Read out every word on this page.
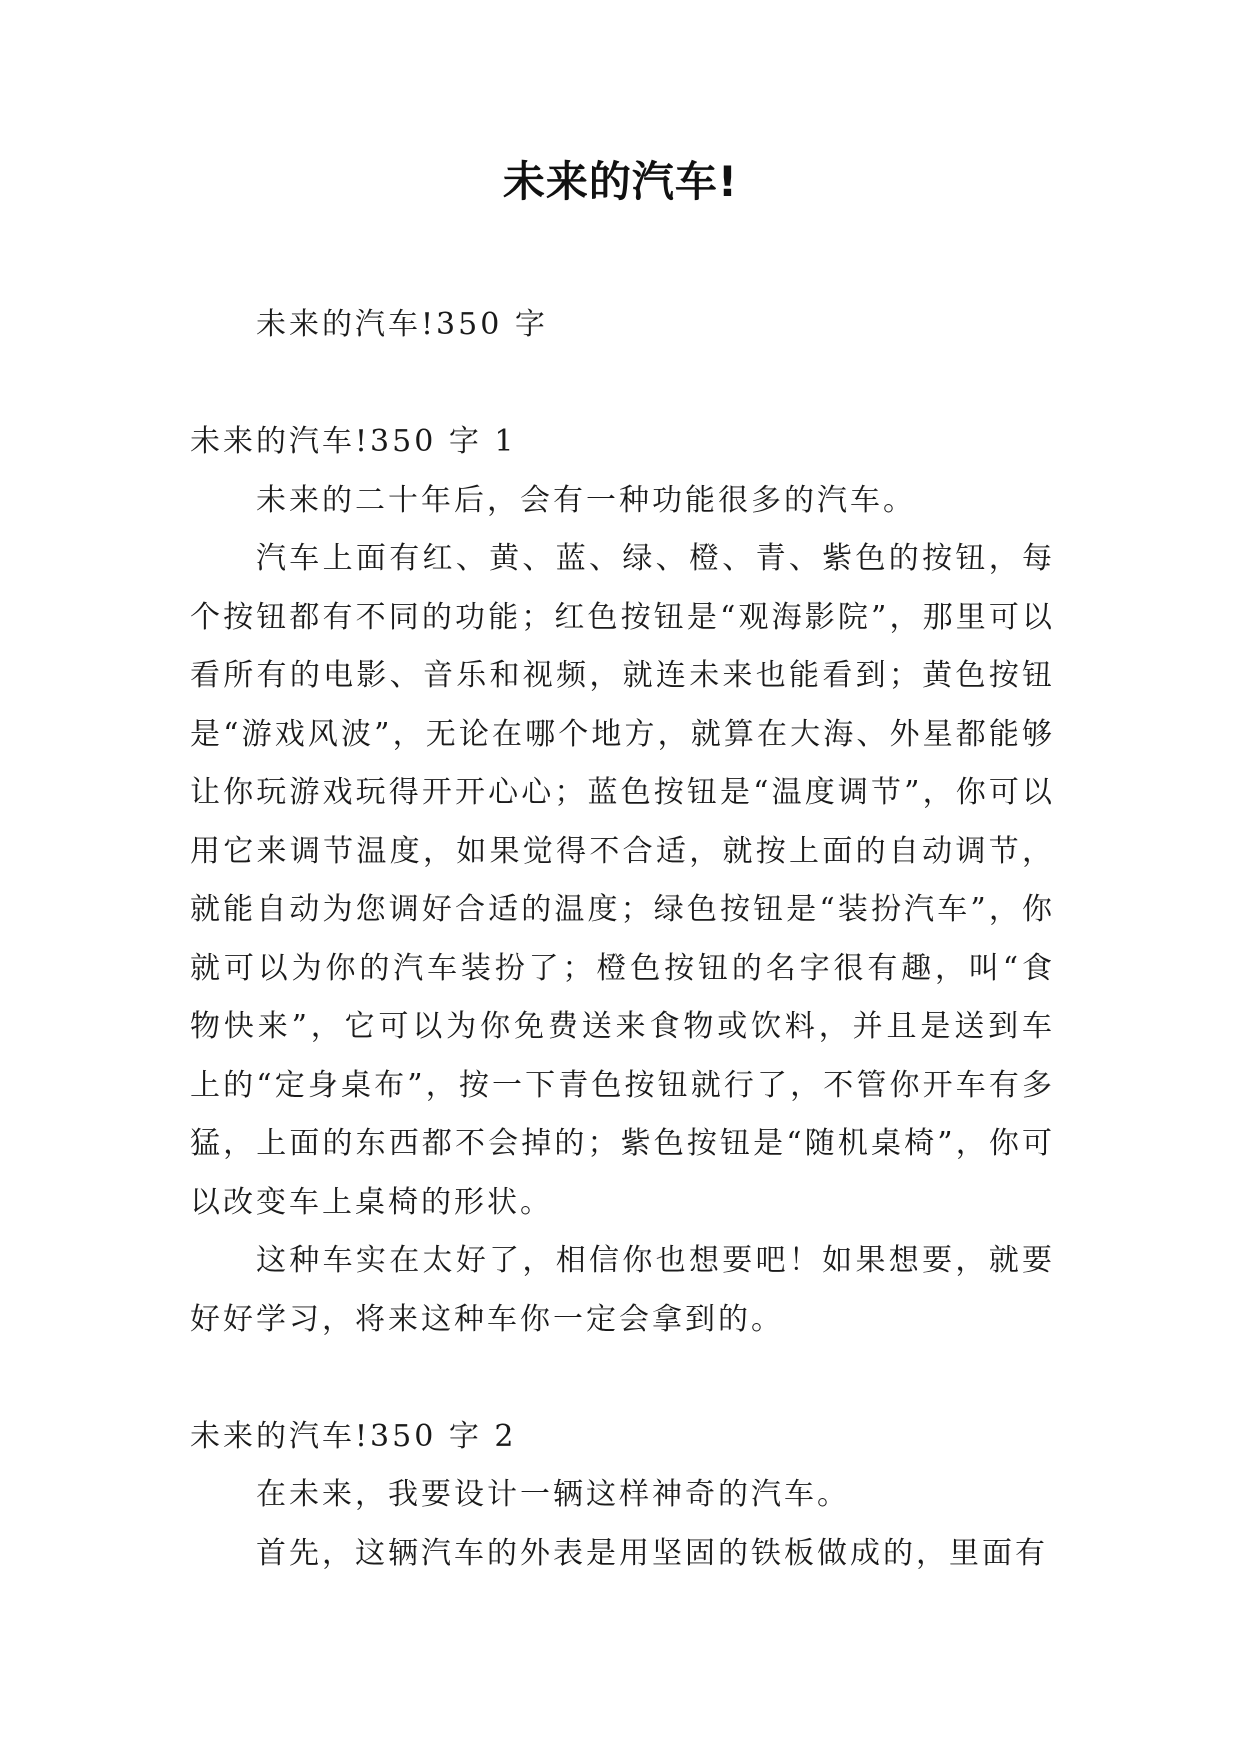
未来的汽车!

未来的汽车!350 字

未来的汽车!350 字 1

未来的二十年后，会有一种功能很多的汽车。

汽车上面有红、黄、蓝、绿、橙、青、紫色的按钮，每个按钮都有不同的功能；红色按钮是“观海影院”，那里可以看所有的电影、音乐和视频，就连未来也能看到；黄色按钮是“游戏风波”，无论在哪个地方，就算在大海、外星都能够让你玩游戏玩得开开心心；蓝色按钮是“温度调节”，你可以用它来调节温度，如果觉得不合适，就按上面的自动调节，就能自动为您调好合适的温度；绿色按钮是“装扮汽车”，你就可以为你的汽车装扮了；橙色按钮的名字很有趣，叫“食物快来”，它可以为你免费送来食物或饮料，并且是送到车上的“定身桌布”，按一下青色按钮就行了，不管你开车有多猛，上面的东西都不会掉的；紫色按钮是“随机桌椅”，你可以改变车上桌椅的形状。

这种车实在太好了，相信你也想要吧！如果想要，就要好好学习，将来这种车你一定会拿到的。

未来的汽车!350 字 2

在未来，我要设计一辆这样神奇的汽车。

首先，这辆汽车的外表是用坚固的铁板做成的，里面有
